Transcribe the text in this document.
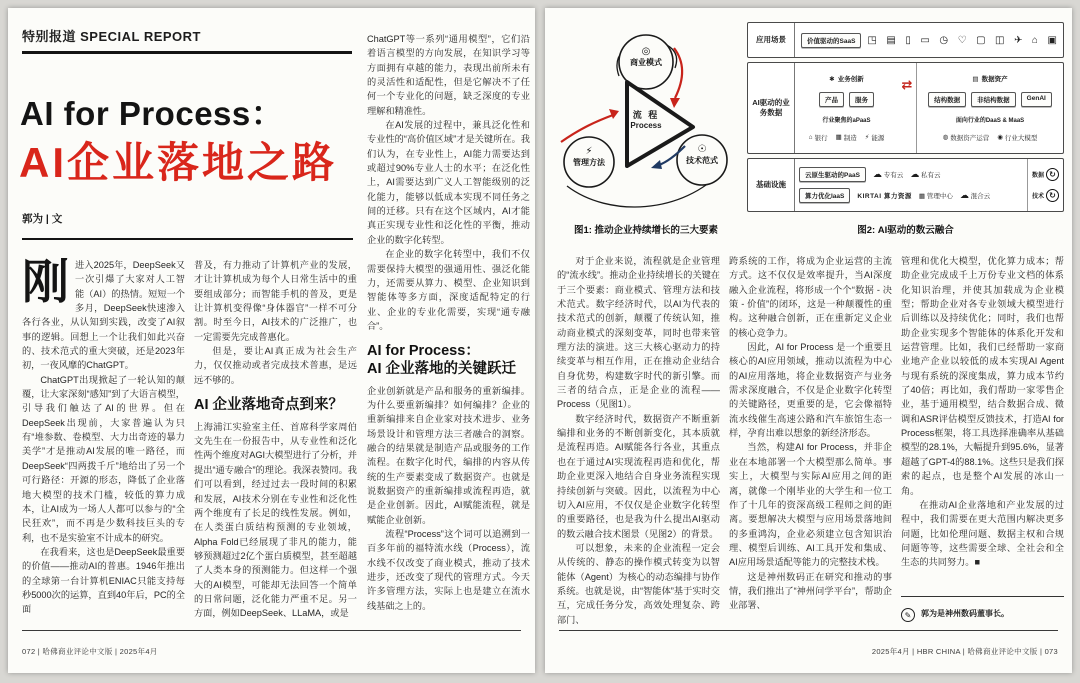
特别报道 SPECIAL REPORT
AI for Process：
AI企业落地之路
郭为 | 文

刚进入2025年，DeepSeek又一次引爆了大家对人工智能（AI）的热情。短短一个多月，DeepSeek快速渗入各行各业，从认知到实践，改变了AI叙事的逻辑。回想上一个让我们如此兴奋的、技术范式的重大突破，还是2023年初，一夜风靡的ChatGPT。

ChatGPT出现掀起了一轮认知的颠覆，让大家深刻“感知”到了大语言模型，引导我们触达了AI的世界。但在DeepSeek出现前，大家普遍认为只有“堆参数、卷模型、大力出奇迹的暴力美学”才是推动AI发展的唯一路径，而DeepSeek“四两拨千斤”地给出了另一个可行路径：开源的形态，降低了企业落地大模型的技术门槛，较低的算力成本，让AI成为一场人人都可以参与的“全民狂欢”，而不再是少数科技巨头的专利，也不是实验室不计成本的研究。

在我看来，这也是DeepSeek最重要的价值——推动AI的普惠。1946年推出的全球第一台计算机ENIAC只能支持每秒5000次的运算，直到40年后，PC的全面

普及，有力推动了计算机产业的发展，才让计算机成为每个人日常生活中的重要组成部分；而智能手机的普及，更是让计算机变得像“身体器官”一样不可分割。时至今日，AI技术的广泛推广，也一定需要先完成普惠化。

但是，要让AI真正成为社会生产力，仅仅推动或者完成技术普惠，是远远不够的。

AI 企业落地奇点到来？

上海浦江实验室主任、首席科学家周伯文先生在一份报告中，从专业性和泛化性两个维度对AGI大模型进行了分析，并提出“通专融合”的理论。我深表赞同。我们可以看到，经过过去一段时间的积累和发展，AI技术分别在专业性和泛化性两个维度有了长足的线性发展。例如，在人类蛋白质结构预测的专业领域，Alpha Fold已经展现了非凡的能力，能够预测超过2亿个蛋白质模型，甚至超越了人类本身的预测能力。但这样一个强大的AI模型，可能却无法回答一个简单的日常问题，泛化能力严重不足。另一方面，例如DeepSeek、LLaMA，或是

ChatGPT等一系列“通用模型”，它们沿着语言模型的方向发展，在知识学习等方面拥有卓越的能力，表现出前所未有的灵活性和适配性，但是它解决不了任何一个专业化的问题，缺乏深度的专业理解和精准性。

在AI发展的过程中，兼具泛化性和专业性的“高价值区域”才是关键所在。我们认为，在专业性上，AI能力需要达到或超过90%专业人士的水平；在泛化性上，AI需要达到广义人工智能级别的泛化能力，能够以低成本实现不同任务之间的迁移。只有在这个区域内，AI才能真正实现专业性和泛化性的平衡，推动企业的数字化转型。

在企业的数字化转型中，我们不仅需要保持大模型的强通用性、强泛化能力，还需要从算力、模型、企业知识到智能体等多方面，深度适配特定的行业、企业的专业化需要，实现“通专融合”。

AI for Process：
AI 企业落地的关键跃迁

企业创新就是产品和服务的重新编排。为什么要重新编排？如何编排？企业的重新编排来自企业家对技术进步、业务场景设计和管理方法三者融合的洞察。融合的结果就是制造产品或服务的工作流程。在数字化时代，编排的内容从传统的生产要素变成了数据资产。也就是说数据资产的重新编排或流程再造，就是企业创新。因此，AI赋能流程，就是赋能企业创新。

流程“Process”这个词可以追溯到一百多年前的福特流水线（Process），流水线不仅改变了商业模式，推动了技术进步，还改变了现代的管理方式。今天许多管理方法，实际上也是建立在流水线基础之上的。

072 | 哈佛商业评论中文版 | 2025年4月
◎
商业模式
流 程
Process
⚡
管理方法
☉
技术范式
图1: 推动企业持续增长的三大要素
应用场景	价值驱动的SaaS	◳ ▤ ▯ ▭ ◷ ♡ ▢ ◫ ✈ ⌂ ▣
AI驱动的业务数据
✱ 业务创新
产品	服务
行业聚焦的aPaaS
⌂ 银行 ▦ 制造 ⚡ 能源
⇄	▤ 数据资产
结构数据	非结构数据	GenAI
面向行业的DaaS & MaaS
◍ 数据资产运营 ◉ 行业大模型
基础设施
云原生驱动的PaaS	☁ 专有云 ☁ 私有云
算力优化IaaS	KIRTAI 算力资源 ▦ 管理中心 ☁ 混合云
数据 ↻
技术 ↻
图2: AI驱动的数云融合

对于企业来说，流程就是企业管理的“流水线”。推动企业持续增长的关键在于三个要素：商业模式、管理方法和技术范式。数字经济时代，以AI为代表的技术范式的创新，颠覆了传统认知，推动商业模式的深刻变革，同时也带来管理方法的演进。这三大核心驱动力的持续变革与相互作用，正在推动企业结合自身优势，构建数字时代的新引擎。而三者的结合点，正是企业的流程——Process（见图1）。

数字经济时代，数据资产不断重新编排和业务的不断创新变化，其本质就是流程再造。AI赋能各行各业，其重点也在于通过AI实现流程再造和优化，帮助企业更深入地结合自身业务流程实现持续创新与突破。因此，以流程为中心切入AI应用，不仅仅是企业数字化转型的重要路径，也是我为什么提出AI驱动的数云融合技术图景（见图2）的背景。

可以想象，未来的企业流程一定会从传统的、静态的操作模式转变为以智能体（Agent）为核心的动态编排与协作系统。也就是说，由“智能体”基于实时交互，完成任务分发，高效处理复杂、跨部门、

跨系统的工作，将成为企业运营的主流方式。这不仅仅是效率提升，当AI深度融入企业流程，将形成一个个“数据 - 决策 - 价值”的闭环，这是一种颠覆性的重构。这种融合创新，正在重新定义企业的核心竞争力。

因此，AI for Process 是一个重要且核心的AI应用领域，推动以流程为中心的AI应用落地，将企业数据资产与业务需求深度融合，不仅是企业数字化转型的关键路径，更重要的是，它会像福特流水线催生高速公路和汽车旅馆生态一样，孕育出难以想象的新经济形态。

当然，构建AI for Process，并非企业在本地部署一个大模型那么简单。事实上，大模型与实际AI应用之间的距离，就像一个刚毕业的大学生和一位工作了十几年的资深高级工程师之间的距离。要想解决大模型与应用场景落地间的多重鸿沟，企业必须建立包含知识治理、模型后训练、AI工具开发和集成、AI应用场景适配等能力的完整技术栈。

这是神州数码正在研究和推动的事情，我们推出了“神州问学平台”，帮助企业部署、

管理和优化大模型，优化算力成本；帮助企业完成成千上万份专业文档的体系化知识治理，并使其加载成为企业模型；帮助企业对各专业领域大模型进行后训练以及持续优化；同时，我们也帮助企业实现多个智能体的体系化开发和运营管理。比如，我们已经帮助一家商业地产企业以较低的成本实现AI Agent与现有系统的深度集成，算力成本节约了40倍；再比如，我们帮助一家零售企业，基于通用模型，结合数据合成、微调和ASR评估模型反馈技术，打造AI for Process框架，将工具选择准确率从基础模型的28.1%，大幅提升到95.6%，显著超越了GPT-4的88.1%。这些只是我们探索的起点，也是整个AI发展的冰山一角。

在推动AI企业落地和产业发展的过程中，我们需要在更大范围内解决更多问题，比如伦理问题、数据主权和合规问题等等，这些需要全球、全社会和全生态的共同努力。■

✎	郭为是神州数码董事长。
2025年4月 | HBR CHINA | 哈佛商业评论中文版 | 073
